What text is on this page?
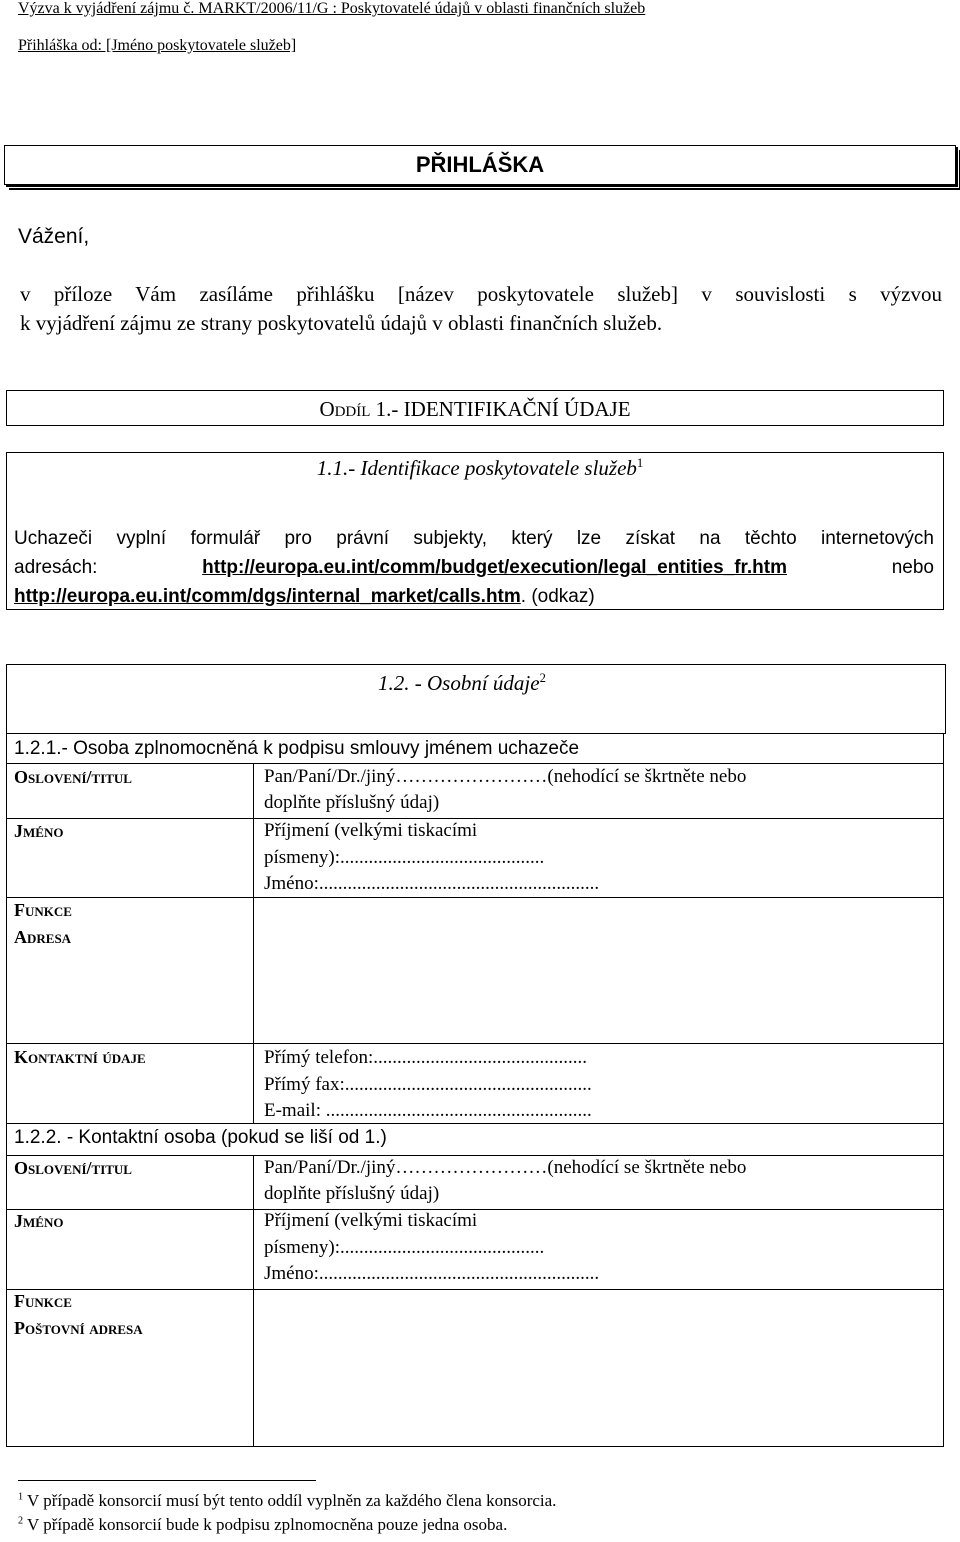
Výzva k vyjádření zájmu č. MARKT/2006/11/G : Poskytovatelé údajů v oblasti finančních služeb
Přihláška od: [Jméno poskytovatele služeb]
PŘIHLÁŠKA
Vážení,
v příloze Vám zasíláme přihlášku [název poskytovatele služeb] v souvislosti s výzvou
k vyjádření zájmu ze strany poskytovatelů údajů v oblasti finančních služeb.
Oddíl 1.- IDENTIFIKAČNÍ ÚDAJE
1.1.- Identifikace poskytovatele služeb$^1$
Uchazeči vyplní formulář pro právní subjekty, který lze získat na těchto internetových
adresách:	http://europa.eu.int/comm/budget/execution/legal_entities_fr.htm	nebo
http://europa.eu.int/comm/dgs/internal_market/calls.htm. (odkaz)
1.2. - Osobní údaje$^2$
1.2.1.- Osoba zplnomocněná k podpisu smlouvy jménem uchazeče
Oslovení/titul	Pan/Paní/Dr./jiný……………………(nehodící se škrtněte nebo
doplňte příslušný údaj)
Jméno	Příjmení (velkými tiskacími
písmeny):...........................................
Jméno:...........................................................
Funkce
Adresa
Kontaktní údaje	Přímý telefon:.............................................
Přímý fax:....................................................
E-mail: ........................................................
1.2.2. - Kontaktní osoba (pokud se liší od 1.)
Oslovení/titul	Pan/Paní/Dr./jiný……………………(nehodící se škrtněte nebo
doplňte příslušný údaj)
Jméno	Příjmení (velkými tiskacími
písmeny):...........................................
Jméno:...........................................................
Funkce
Poštovní adresa
$^1$ V případě konsorcií musí být tento oddíl vyplněn za každého člena konsorcia.
$^2$ V případě konsorcií bude k podpisu zplnomocněna pouze jedna osoba.
